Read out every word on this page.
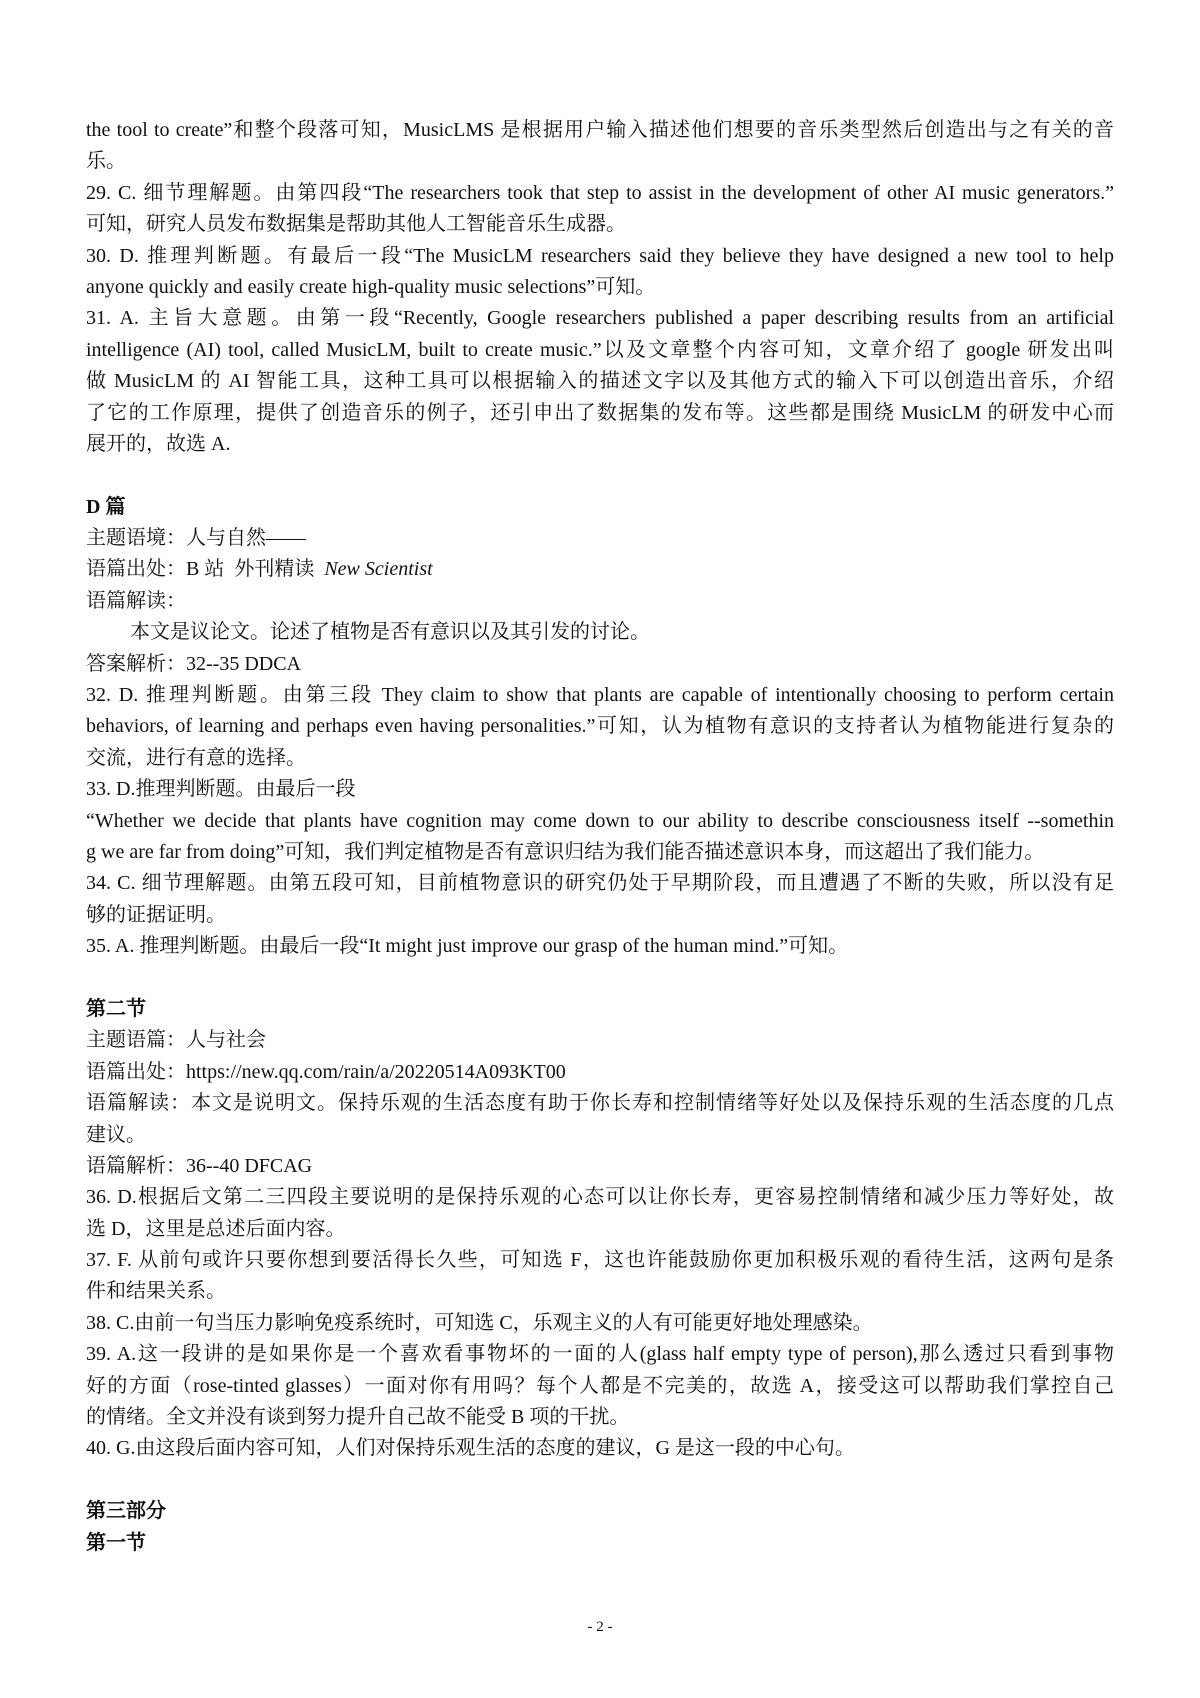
the tool to create”和整个段落可知，MusicLMS 是根据用户输入描述他们想要的音乐类型然后创造出与之有关的音
乐。
29. C. 细节理解题。由第四段“The researchers took that step to assist in the development of other AI music generators.”
可知，研究人员发布数据集是帮助其他人工智能音乐生成器。
30. D. 推理判断题。有最后一段“The MusicLM researchers said they believe they have designed a new tool to help
anyone quickly and easily create high-quality music selections”可知。
31. A. 主旨大意题。由第一段“Recently, Google researchers published a paper describing results from an artificial
intelligence (AI) tool, called MusicLM, built to create music.”以及文章整个内容可知，文章介绍了 google 研发出叫
做 MusicLM 的 AI 智能工具，这种工具可以根据输入的描述文字以及其他方式的输入下可以创造出音乐，介绍
了它的工作原理，提供了创造音乐的例子，还引申出了数据集的发布等。这些都是围绕 MusicLM 的研发中心而
展开的，故选 A.
D 篇
主题语境：人与自然——
语篇出处：B 站  外刊精读  New Scientist
语篇解读：
本文是议论文。论述了植物是否有意识以及其引发的讨论。
答案解析：32--35 DDCA
32. D. 推理判断题。由第三段 They claim to show that plants are capable of intentionally choosing to perform certain
behaviors, of learning and perhaps even having personalities.”可知，认为植物有意识的支持者认为植物能进行复杂的
交流，进行有意的选择。
33. D.推理判断题。由最后一段
“Whether we decide that plants have cognition may come down to our ability to describe consciousness itself --somethin
g we are far from doing”可知，我们判定植物是否有意识归结为我们能否描述意识本身，而这超出了我们能力。
34. C. 细节理解题。由第五段可知，目前植物意识的研究仍处于早期阶段，而且遭遇了不断的失败，所以没有足
够的证据证明。
35. A. 推理判断题。由最后一段“It might just improve our grasp of the human mind.”可知。
第二节
主题语篇：人与社会
语篇出处：https://new.qq.com/rain/a/20220514A093KT00
语篇解读：本文是说明文。保持乐观的生活态度有助于你长寿和控制情绪等好处以及保持乐观的生活态度的几点
建议。
语篇解析：36--40 DFCAG
36. D.根据后文第二三四段主要说明的是保持乐观的心态可以让你长寿，更容易控制情绪和减少压力等好处，故
选 D，这里是总述后面内容。
37. F. 从前句或许只要你想到要活得长久些，可知选 F，这也许能鼓励你更加积极乐观的看待生活，这两句是条
件和结果关系。
38. C.由前一句当压力影响免疫系统时，可知选 C，乐观主义的人有可能更好地处理感染。
39. A.这一段讲的是如果你是一个喜欢看事物坏的一面的人(glass half empty type of person),那么透过只看到事物
好的方面（rose-tinted glasses）一面对你有用吗？每个人都是不完美的，故选 A，接受这可以帮助我们掌控自己
的情绪。全文并没有谈到努力提升自己故不能受 B 项的干扰。
40. G.由这段后面内容可知，人们对保持乐观生活的态度的建议，G 是这一段的中心句。
第三部分
第一节
- 2 -
